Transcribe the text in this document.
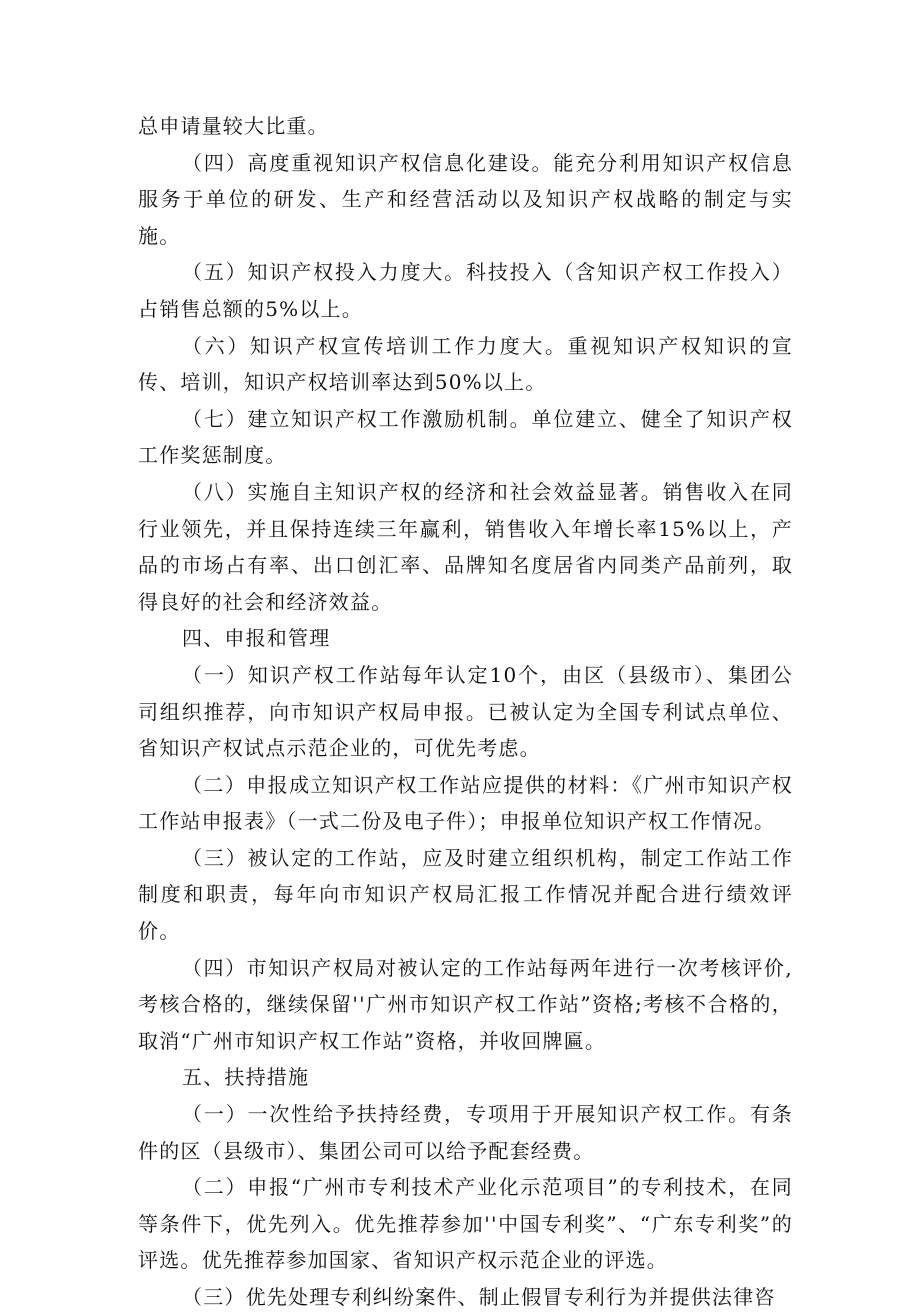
总申请量较大比重。

（四）高度重视知识产权信息化建设。能充分利用知识产权信息服务于单位的研发、生产和经营活动以及知识产权战略的制定与实施。

（五）知识产权投入力度大。科技投入（含知识产权工作投入）占销售总额的5%以上。

（六）知识产权宣传培训工作力度大。重视知识产权知识的宣传、培训，知识产权培训率达到50%以上。

（七）建立知识产权工作激励机制。单位建立、健全了知识产权工作奖惩制度。

（八）实施自主知识产权的经济和社会效益显著。销售收入在同行业领先，并且保持连续三年赢利，销售收入年增长率15%以上，产品的市场占有率、出口创汇率、品牌知名度居省内同类产品前列，取得良好的社会和经济效益。

四、申报和管理

（一）知识产权工作站每年认定10个，由区（县级市）、集团公司组织推荐，向市知识产权局申报。已被认定为全国专利试点单位、省知识产权试点示范企业的，可优先考虑。

（二）申报成立知识产权工作站应提供的材料：《广州市知识产权工作站申报表》（一式二份及电子件）；申报单位知识产权工作情况。

（三）被认定的工作站，应及时建立组织机构，制定工作站工作制度和职责，每年向市知识产权局汇报工作情况并配合进行绩效评价。

（四）市知识产权局对被认定的工作站每两年进行一次考核评价,考核合格的，继续保留''广州市知识产权工作站”资格;考核不合格的，取消“广州市知识产权工作站”资格，并收回牌匾。

五、扶持措施

（一）一次性给予扶持经费，专项用于开展知识产权工作。有条件的区（县级市）、集团公司可以给予配套经费。

（二）申报“广州市专利技术产业化示范项目”的专利技术，在同等条件下，优先列入。优先推荐参加''中国专利奖”、“广东专利奖”的评选。优先推荐参加国家、省知识产权示范企业的评选。

（三）优先处理专利纠纷案件、制止假冒专利行为并提供法律咨
